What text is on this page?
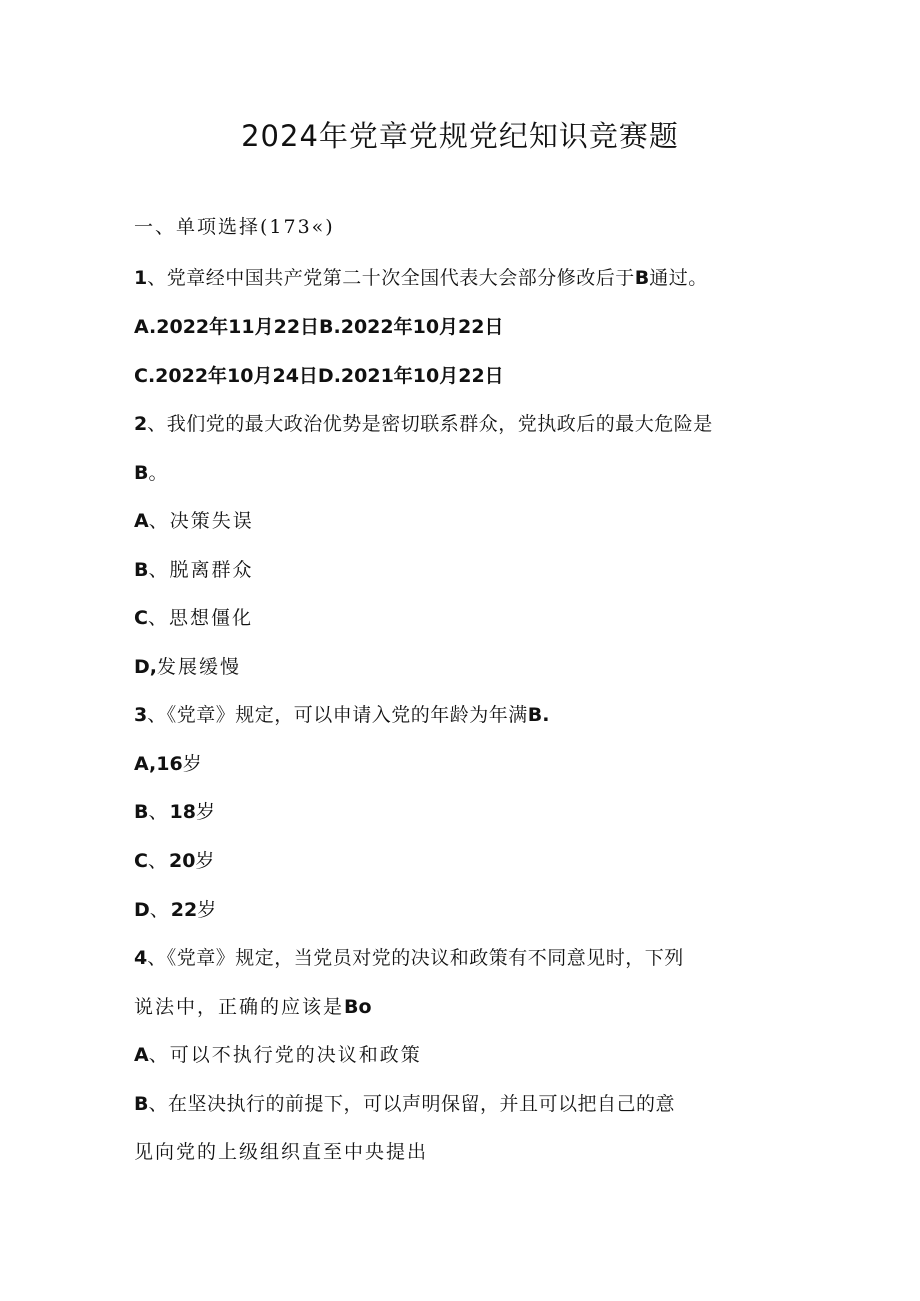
2024年党章党规党纪知识竞赛题
一、单项选择(173«)
1、党章经中国共产党第二十次全国代表大会部分修改后于B通过。
A.2022年11月22日B.2022年10月22日
C.2022年10月24日D.2021年10月22日
2、我们党的最大政治优势是密切联系群众，党执政后的最大危险是
B。
A、决策失误
B、脱离群众
C、思想僵化
D,发展缓慢
3、《党章》规定，可以申请入党的年龄为年满B.
A,16岁
B、18岁
C、20岁
D、22岁
4、《党章》规定，当党员对党的决议和政策有不同意见时，下列
说法中，正确的应该是Bo
A、可以不执行党的决议和政策
B、在坚决执行的前提下，可以声明保留，并且可以把自己的意
见向党的上级组织直至中央提出
